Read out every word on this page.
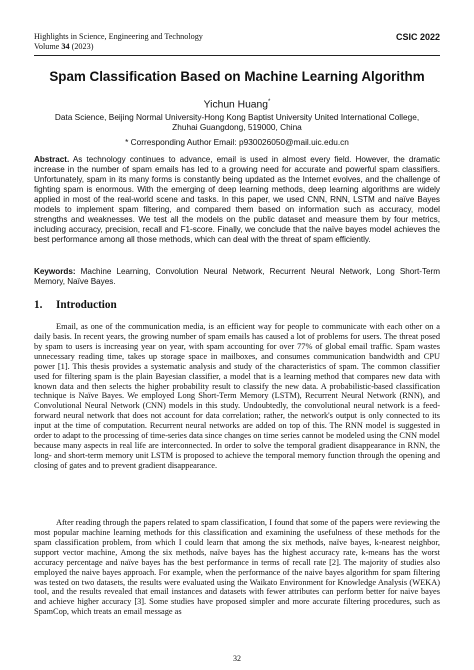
Highlights in Science, Engineering and Technology	CSIC 2022
Volume 34 (2023)
Spam Classification Based on Machine Learning Algorithm
Yichun Huang*
Data Science, Beijing Normal University-Hong Kong Baptist University United International College, Zhuhai Guangdong, 519000, China
* Corresponding Author Email: p930026050@mail.uic.edu.cn
Abstract. As technology continues to advance, email is used in almost every field. However, the dramatic increase in the number of spam emails has led to a growing need for accurate and powerful spam classifiers. Unfortunately, spam in its many forms is constantly being updated as the Internet evolves, and the challenge of fighting spam is enormous. With the emerging of deep learning methods, deep learning algorithms are widely applied in most of the real-world scene and tasks. In this paper, we used CNN, RNN, LSTM and naïve Bayes models to implement spam filtering, and compared them based on information such as accuracy, model strengths and weaknesses. We test all the models on the public dataset and measure them by four metrics, including accuracy, precision, recall and F1-score. Finally, we conclude that the naïve bayes model achieves the best performance among all those methods, which can deal with the threat of spam efficiently.
Keywords: Machine Learning, Convolution Neural Network, Recurrent Neural Network, Long Short-Term Memory, Naïve Bayes.
1. Introduction

Email, as one of the communication media, is an efficient way for people to communicate with each other on a daily basis. In recent years, the growing number of spam emails has caused a lot of problems for users. The threat posed by spam to users is increasing year on year, with spam accounting for over 77% of global email traffic. Spam wastes unnecessary reading time, takes up storage space in mailboxes, and consumes communication bandwidth and CPU power [1]. This thesis provides a systematic analysis and study of the characteristics of spam. The common classifier used for filtering spam is the plain Bayesian classifier, a model that is a learning method that compares new data with known data and then selects the higher probability result to classify the new data. A probabilistic-based classification technique is Naïve Bayes. We employed Long Short-Term Memory (LSTM), Recurrent Neural Network (RNN), and Convolutional Neural Network (CNN) models in this study. Undoubtedly, the convolutional neural network is a feed-forward neural network that does not account for data correlation; rather, the network's output is only connected to its input at the time of computation. Recurrent neural networks are added on top of this. The RNN model is suggested in order to adapt to the processing of time-series data since changes on time series cannot be modeled using the CNN model because many aspects in real life are interconnected. In order to solve the temporal gradient disappearance in RNN, the long- and short-term memory unit LSTM is proposed to achieve the temporal memory function through the opening and closing of gates and to prevent gradient disappearance.

After reading through the papers related to spam classification, I found that some of the papers were reviewing the most popular machine learning methods for this classification and examining the usefulness of these methods for the spam classification problem, from which I could learn that among the six methods, naïve bayes, k-nearest neighbor, support vector machine, Among the six methods, naïve bayes has the highest accuracy rate, k-means has the worst accuracy percentage and naïve bayes has the best performance in terms of recall rate [2]. The majority of studies also employed the naive bayes approach. For example, when the performance of the naive bayes algorithm for spam filtering was tested on two datasets, the results were evaluated using the Waikato Environment for Knowledge Analysis (WEKA) tool, and the results revealed that email instances and datasets with fewer attributes can perform better for naive bayes and achieve higher accuracy [3]. Some studies have proposed simpler and more accurate filtering procedures, such as SpamCop, which treats an email message as

32
